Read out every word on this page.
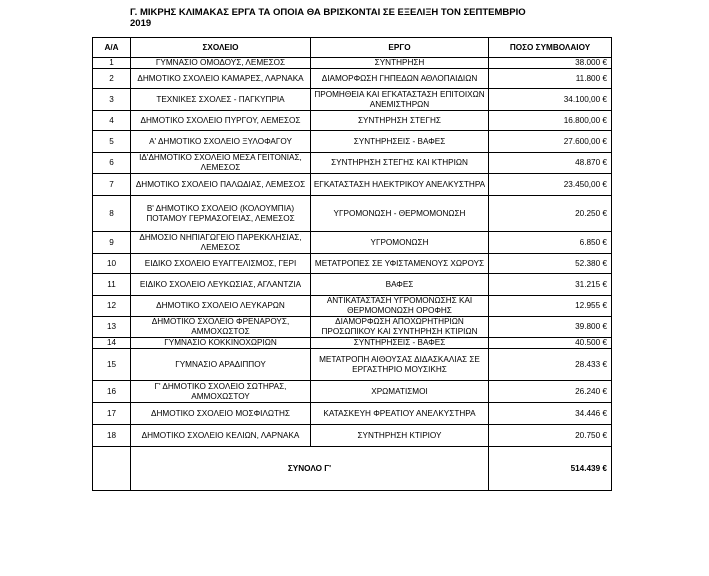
Γ. ΜΙΚΡΗΣ ΚΛΙΜΑΚΑΣ ΕΡΓΑ ΤΑ ΟΠΟΙΑ ΘΑ ΒΡΙΣΚΟΝΤΑΙ ΣΕ ΕΞΕΛΙΞΗ ΤΟΝ ΣΕΠΤΕΜΒΡΙΟ 2019
Α/Α	ΣΧΟΛΕΙΟ	ΕΡΓΟ	ΠΟΣΟ ΣΥΜΒΟΛΑΙΟΥ
1	ΓΥΜΝΑΣΙΟ ΟΜΟΔΟΥΣ, ΛΕΜΕΣΟΣ	ΣΥΝΤΗΡΗΣΗ	38.000 €
2	ΔΗΜΟΤΙΚΟ ΣΧΟΛΕΙΟ ΚΑΜΑΡΕΣ, ΛΑΡΝΑΚΑ	ΔΙΑΜΟΡΦΩΣΗ ΓΗΠΕΔΩΝ ΑΘΛΟΠΑΙΔΙΩΝ	11.800 €
3	ΤΕΧΝΙΚΕΣ ΣΧΟΛΕΣ - ΠΑΓΚΥΠΡΙΑ	ΠΡΟΜΗΘΕΙΑ ΚΑΙ ΕΓΚΑΤΑΣΤΑΣΗ ΕΠΙΤΟΙΧΩΝ ΑΝΕΜΙΣΤΗΡΩΝ	34.100,00 €
4	ΔΗΜΟΤΙΚΟ ΣΧΟΛΕΙΟ ΠΥΡΓΟΥ, ΛΕΜΕΣΟΣ	ΣΥΝΤΗΡΗΣΗ ΣΤΕΓΗΣ	16.800,00 €
5	Α' ΔΗΜΟΤΙΚΟ ΣΧΟΛΕΙΟ ΞΥΛΟΦΑΓΟΥ	ΣΥΝΤΗΡΗΣΕΙΣ - ΒΑΦΕΣ	27.600,00 €
6	ΙΔ'ΔΗΜΟΤΙΚΟ ΣΧΟΛΕΙΟ ΜΕΣΑ ΓΕΙΤΟΝΙΑΣ, ΛΕΜΕΣΟΣ	ΣΥΝΤΗΡΗΣΗ ΣΤΕΓΗΣ ΚΑΙ ΚΤΗΡΙΩΝ	48.870 €
7	ΔΗΜΟΤΙΚΟ ΣΧΟΛΕΙΟ ΠΑΛΩΔΙΑΣ, ΛΕΜΕΣΟΣ	ΕΓΚΑΤΑΣΤΑΣΗ ΗΛΕΚΤΡΙΚΟΥ ΑΝΕΛΚΥΣΤΗΡΑ	23.450,00 €
8	Β' ΔΗΜΟΤΙΚΟ ΣΧΟΛΕΙΟ (ΚΟΛΟΥΜΠΙΑ) ΠΟΤΑΜΟΥ ΓΕΡΜΑΣΟΓΕΙΑΣ, ΛΕΜΕΣΟΣ	ΥΓΡΟΜΟΝΩΣΗ - ΘΕΡΜΟΜΟΝΩΣΗ	20.250 €
9	ΔΗΜΟΣΙΟ ΝΗΠΙΑΓΩΓΕΙΟ ΠΑΡΕΚΚΛΗΣΙΑΣ, ΛΕΜΕΣΟΣ	ΥΓΡΟΜΟΝΩΣΗ	6.850 €
10	ΕΙΔΙΚΟ ΣΧΟΛΕΙΟ ΕΥΑΓΓΕΛΙΣΜΟΣ, ΓΕΡΙ	ΜΕΤΑΤΡΟΠΕΣ ΣΕ ΥΦΙΣΤΑΜΕΝΟΥΣ ΧΩΡΟΥΣ	52.380 €
11	ΕΙΔΙΚΟ ΣΧΟΛΕΙΟ ΛΕΥΚΩΣΙΑΣ, ΑΓΛΑΝΤΖΙΑ	ΒΑΦΕΣ	31.215 €
12	ΔΗΜΟΤΙΚΟ ΣΧΟΛΕΙΟ ΛΕΥΚΑΡΩΝ	ΑΝΤΙΚΑΤΑΣΤΑΣΗ ΥΓΡΟΜΟΝΩΣΗΣ ΚΑΙ ΘΕΡΜΟΜΟΝΩΣΗ ΟΡΟΦΗΣ	12.955 €
13	ΔΗΜΟΤΙΚΟ ΣΧΟΛΕΙΟ ΦΡΕΝΑΡΟΥΣ, ΑΜΜΟΧΩΣΤΟΣ	ΔΙΑΜΟΡΦΩΣΗ ΑΠΟΧΩΡΗΤΗΡΙΩΝ ΠΡΟΣΩΠΙΚΟΥ ΚΑΙ ΣΥΝΤΗΡΗΣΗ ΚΤΙΡΙΩΝ	39.800 €
14	ΓΥΜΝΑΣΙΟ ΚΟΚΚΙΝΟΧΩΡΙΩΝ	ΣΥΝΤΗΡΗΣΕΙΣ - ΒΑΦΕΣ	40.500 €
15	ΓΥΜΝΑΣΙΟ ΑΡΑΔΙΠΠΟΥ	ΜΕΤΑΤΡΟΠΗ ΑΙΘΟΥΣΑΣ ΔΙΔΑΣΚΑΛΙΑΣ ΣΕ ΕΡΓΑΣΤΗΡΙΟ ΜΟΥΣΙΚΗΣ	28.433 €
16	Γ' ΔΗΜΟΤΙΚΟ ΣΧΟΛΕΙΟ ΣΩΤΗΡΑΣ, ΑΜΜΟΧΩΣΤΟΥ	ΧΡΩΜΑΤΙΣΜΟΙ	26.240 €
17	ΔΗΜΟΤΙΚΟ ΣΧΟΛΕΙΟ ΜΟΣΦΙΛΩΤΗΣ	ΚΑΤΑΣΚΕΥΗ ΦΡΕΑΤΙΟΥ ΑΝΕΛΚΥΣΤΗΡΑ	34.446 €
18	ΔΗΜΟΤΙΚΟ ΣΧΟΛΕΙΟ ΚΕΛΙΩΝ, ΛΑΡΝΑΚΑ	ΣΥΝΤΗΡΗΣΗ ΚΤΙΡΙΟΥ	20.750 €
	ΣΥΝΟΛΟ Γ'		514.439 €
